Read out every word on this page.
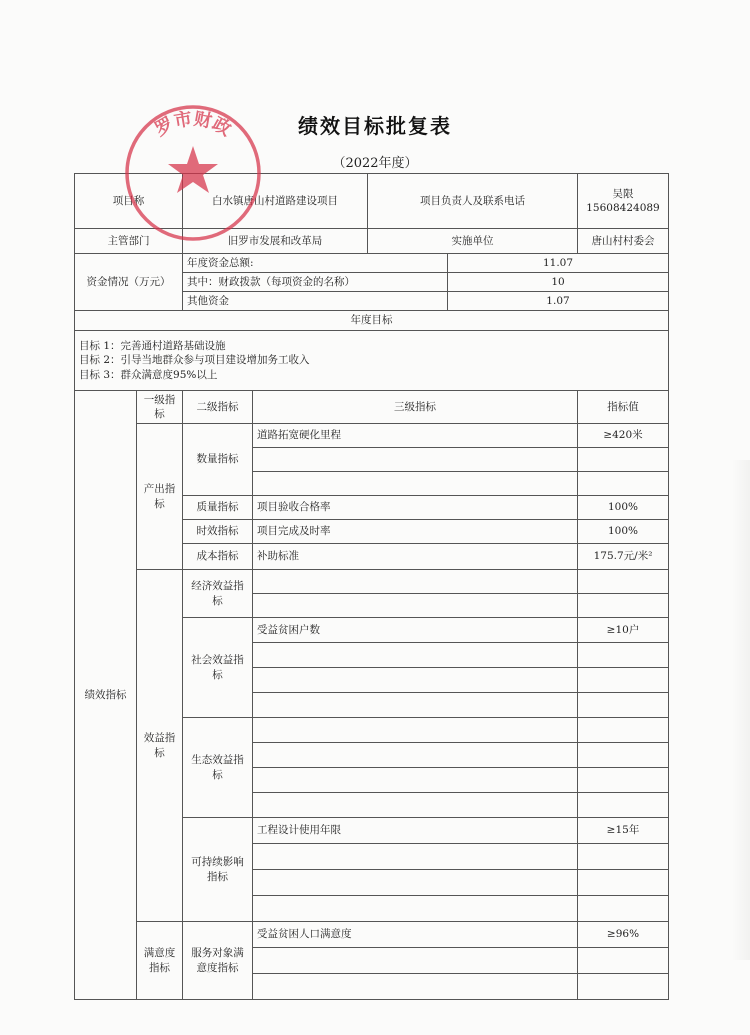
绩效目标批复表
（2022年度）
项目称		白水镇唐山村道路建设项目		项目负责人及联系电话		吴限
15608424089

主管部门		旧罗市发展和改革局		实施单位		唐山村村委会
资金情况（万元）		年度资金总额:			11.07	
		其中：财政拨款（每项资金的名称）			10	
		其他资金			1.07	
年度目标						

目标 1：完善通村道路基础设施
目标 2：引导当地群众参与项目建设增加务工收入
目标 3：群众满意度95%以上						

绩效指标	一级指标	二级指标	三级指标			指标值
	产出指标	数量指标	道路拓宽硬化里程			≥420米

		质量指标	项目验收合格率			100%
		时效指标	项目完成及时率			100%
		成本指标	补助标准			175.7元/米²
	效益指标	经济效益指标				

		社会效益指标	受益贫困户数			≥10户

		生态效益指标				

		可持续影响 指标	工程设计使用年限			≥15年

	满意度指标	服务对象满意度指标	受益贫困人口满意度			≥96%

罗市财政
